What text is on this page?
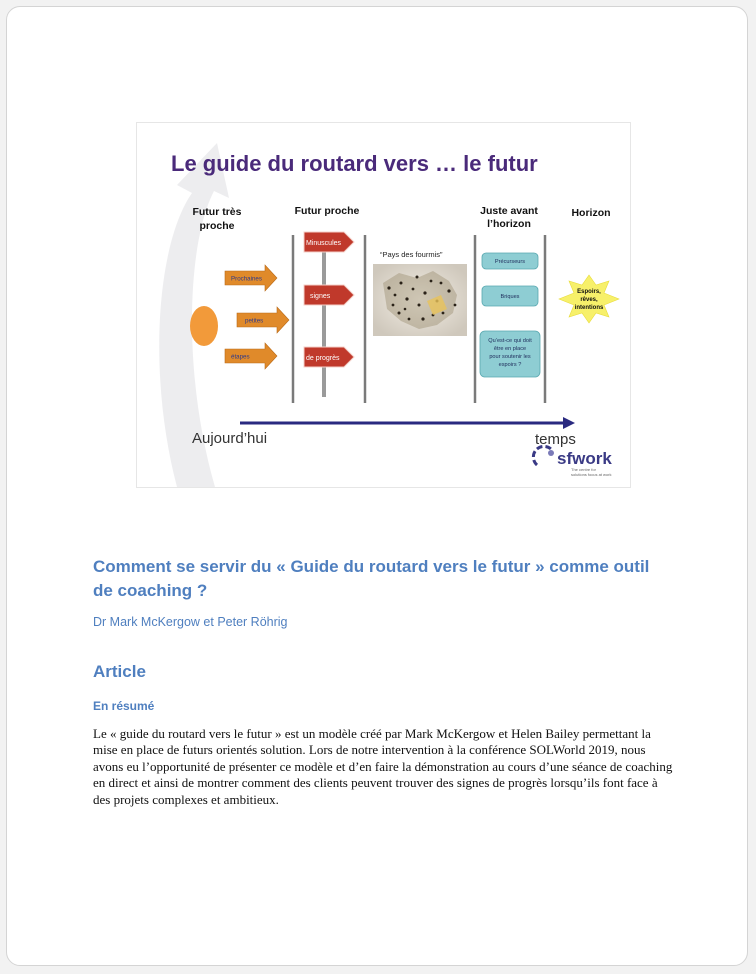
Le guide du routard vers … le futur
Futur très
proche
Futur proche	Juste avant
l’horizon
Horizon
Prochaines
petites
étapes
Minuscules
signes
de progrès
“Pays des fourmis”
Précurseurs
Briques
Qu’est-ce qui doit
être en place
pour soutenir les
espoirs ?
Espoirs,
rêves,
intentions
Aujourd’hui	temps
sfwork
The centre for
solutions focus at work
Comment se servir du « Guide du routard vers le futur » comme outil de coaching ?

Dr Mark McKergow et Peter Röhrig

Article
En résumé

Le « guide du routard vers le futur » est un modèle créé par Mark McKergow et Helen Bailey permettant la mise en place de futurs orientés solution. Lors de notre intervention à la conférence SOLWorld 2019, nous avons eu l’opportunité de présenter ce modèle et d’en faire la démonstration au cours d’une séance de coaching en direct et ainsi de montrer comment des clients peuvent trouver des signes de progrès lorsqu’ils font face à des projets complexes et ambitieux.
